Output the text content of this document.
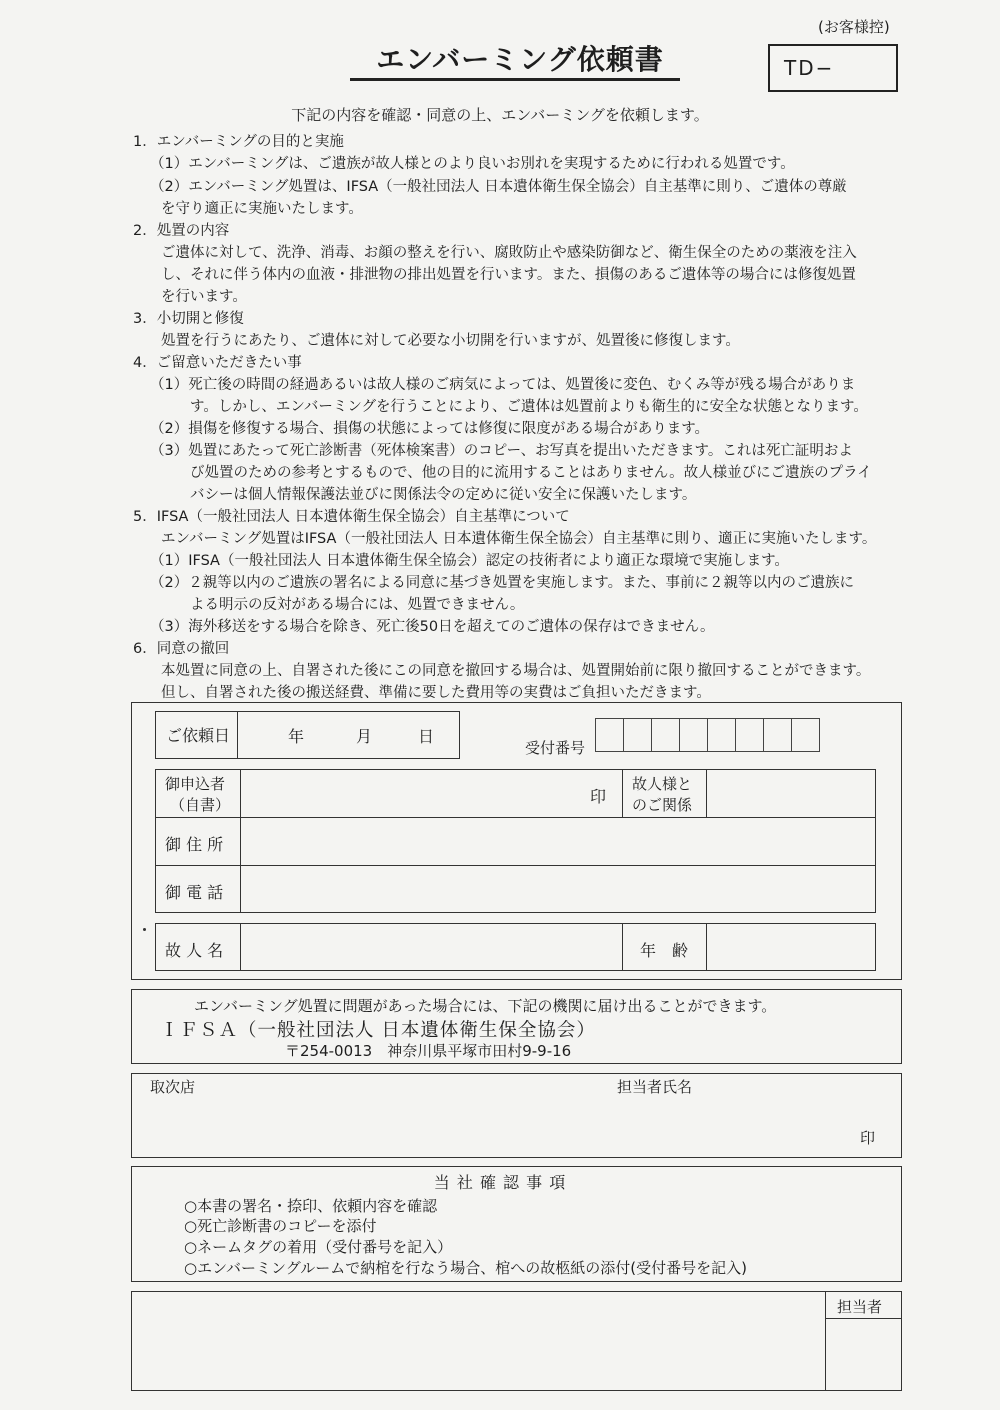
(お客様控)
エンバーミング依頼書	TD−
下記の内容を確認・同意の上、エンバーミングを依頼します。
1．エンバーミングの目的と実施
（1）エンバーミングは、ご遺族が故人様とのより良いお別れを実現するために行われる処置です。
（2）エンバーミング処置は、IFSA（一般社団法人 日本遺体衛生保全協会）自主基準に則り、ご遺体の尊厳
を守り適正に実施いたします。
2．処置の内容
ご遺体に対して、洗浄、消毒、お顔の整えを行い、腐敗防止や感染防御など、衛生保全のための薬液を注入
し、それに伴う体内の血液・排泄物の排出処置を行います。また、損傷のあるご遺体等の場合には修復処置
を行います。
3．小切開と修復
処置を行うにあたり、ご遺体に対して必要な小切開を行いますが、処置後に修復します。
4．ご留意いただきたい事
（1）死亡後の時間の経過あるいは故人様のご病気によっては、処置後に変色、むくみ等が残る場合がありま
す。しかし、エンバーミングを行うことにより、ご遺体は処置前よりも衛生的に安全な状態となります。
（2）損傷を修復する場合、損傷の状態によっては修復に限度がある場合があります。
（3）処置にあたって死亡診断書（死体検案書）のコピー、お写真を提出いただきます。これは死亡証明およ
び処置のための参考とするもので、他の目的に流用することはありません。故人様並びにご遺族のプライ
バシーは個人情報保護法並びに関係法令の定めに従い安全に保護いたします。
5．IFSA（一般社団法人 日本遺体衛生保全協会）自主基準について
エンバーミング処置はIFSA（一般社団法人 日本遺体衛生保全協会）自主基準に則り、適正に実施いたします。
（1）IFSA（一般社団法人 日本遺体衛生保全協会）認定の技術者により適正な環境で実施します。
（2）２親等以内のご遺族の署名による同意に基づき処置を実施します。また、事前に２親等以内のご遺族に
よる明示の反対がある場合には、処置できません。
（3）海外移送をする場合を除き、死亡後50日を超えてのご遺体の保存はできません。
6．同意の撤回
本処置に同意の上、自署された後にこの同意を撤回する場合は、処置開始前に限り撤回することができます。
但し、自署された後の搬送経費、準備に要した費用等の実費はご負担いただきます。
ご依頼日	年	月	日
受付番号
御申込者
（自書）	印
故人様と
のご関係
御 住 所
御 電 話
故 人 名	年　齢
エンバーミング処置に問題があった場合には、下記の機関に届け出ることができます。
ＩＦＳＡ（一般社団法人 日本遺体衛生保全協会）
〒254-0013　神奈川県平塚市田村9-9-16
取次店	担当者氏名
印
当 社 確 認 事 項
○本書の署名・捺印、依頼内容を確認
○死亡診断書のコピーを添付
○ネームタグの着用（受付番号を記入）
○エンバーミングルームで納棺を行なう場合、棺への故柩紙の添付(受付番号を記入)
担当者
